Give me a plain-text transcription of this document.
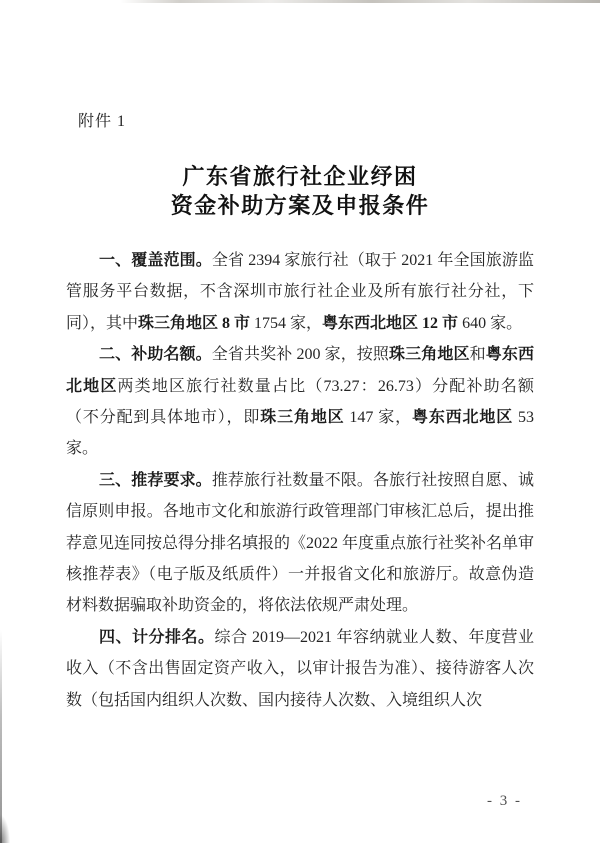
附件 1
广东省旅行社企业纾困
资金补助方案及申报条件

一、覆盖范围。全省 2394 家旅行社（取于 2021 年全国旅游监管服务平台数据，不含深圳市旅行社企业及所有旅行社分社，下同），其中珠三角地区 8 市 1754 家，粤东西北地区 12 市 640 家。

二、补助名额。全省共奖补 200 家，按照珠三角地区和粤东西北地区两类地区旅行社数量占比（73.27：26.73）分配补助名额（不分配到具体地市），即珠三角地区 147 家，粤东西北地区 53 家。

三、推荐要求。推荐旅行社数量不限。各旅行社按照自愿、诚信原则申报。各地市文化和旅游行政管理部门审核汇总后，提出推荐意见连同按总得分排名填报的《2022 年度重点旅行社奖补名单审核推荐表》（电子版及纸质件）一并报省文化和旅游厅。故意伪造材料数据骗取补助资金的，将依法依规严肃处理。

四、计分排名。综合 2019—2021 年容纳就业人数、年度营业收入（不含出售固定资产收入，以审计报告为准）、接待游客人次数（包括国内组织人次数、国内接待人次数、入境组织人次

- 3 -
